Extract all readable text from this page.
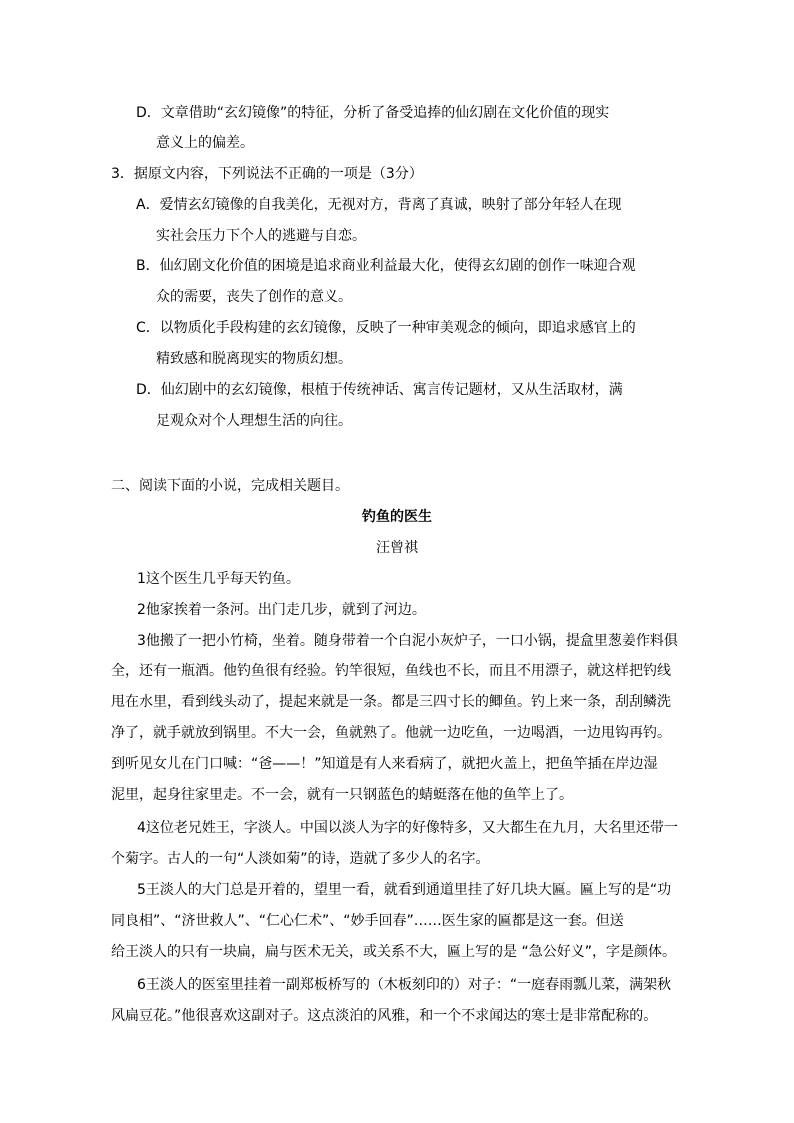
D．文章借助“玄幻镜像”的特征，分析了备受追捧的仙幻剧在文化价值的现实
意义上的偏差。
3．据原文内容，下列说法不正确的一项是（3分）
A．爱情玄幻镜像的自我美化，无视对方，背离了真诚，映射了部分年轻人在现
实社会压力下个人的逃避与自恋。
B．仙幻剧文化价值的困境是追求商业利益最大化，使得玄幻剧的创作一味迎合观
众的需要，丧失了创作的意义。
C．以物质化手段构建的玄幻镜像，反映了一种审美观念的倾向，即追求感官上的
精致感和脱离现实的物质幻想。
D．仙幻剧中的玄幻镜像，根植于传统神话、寓言传记题材，又从生活取材，满
足观众对个人理想生活的向往。
二、阅读下面的小说，完成相关题目。
钓鱼的医生
汪曾祺
1这个医生几乎每天钓鱼。
2他家挨着一条河。出门走几步，就到了河边。
3他搬了一把小竹椅，坐着。随身带着一个白泥小灰炉子，一口小锅，提盒里葱姜作料俱
全，还有一瓶酒。他钓鱼很有经验。钓竿很短，鱼线也不长，而且不用漂子，就这样把钓线
甩在水里，看到线头动了，提起来就是一条。都是三四寸长的鲫鱼。钓上来一条，刮刮鳞洗
净了，就手就放到锅里。不大一会，鱼就熟了。他就一边吃鱼，一边喝酒，一边甩钩再钓。
到听见女儿在门口喊：“爸——！”知道是有人来看病了，就把火盖上，把鱼竿插在岸边湿
泥里，起身往家里走。不一会，就有一只钢蓝色的蜻蜓落在他的鱼竿上了。
4这位老兄姓王，字淡人。中国以淡人为字的好像特多，又大都生在九月，大名里还带一
个菊字。古人的一句“人淡如菊”的诗，造就了多少人的名字。
5王淡人的大门总是开着的，望里一看，就看到通道里挂了好几块大匾。匾上写的是“功
同良相”、“济世救人”、“仁心仁术”、“妙手回春”……医生家的匾都是这一套。但送
给王淡人的只有一块扁，扁与医术无关，或关系不大，匾上写的是 “急公好义”，字是颜体。
6王淡人的医室里挂着一副郑板桥写的（木板刻印的）对子：“一庭春雨瓢儿菜，满架秋
风扁豆花。”他很喜欢这副对子。这点淡泊的风雅，和一个不求闻达的寒士是非常配称的。
